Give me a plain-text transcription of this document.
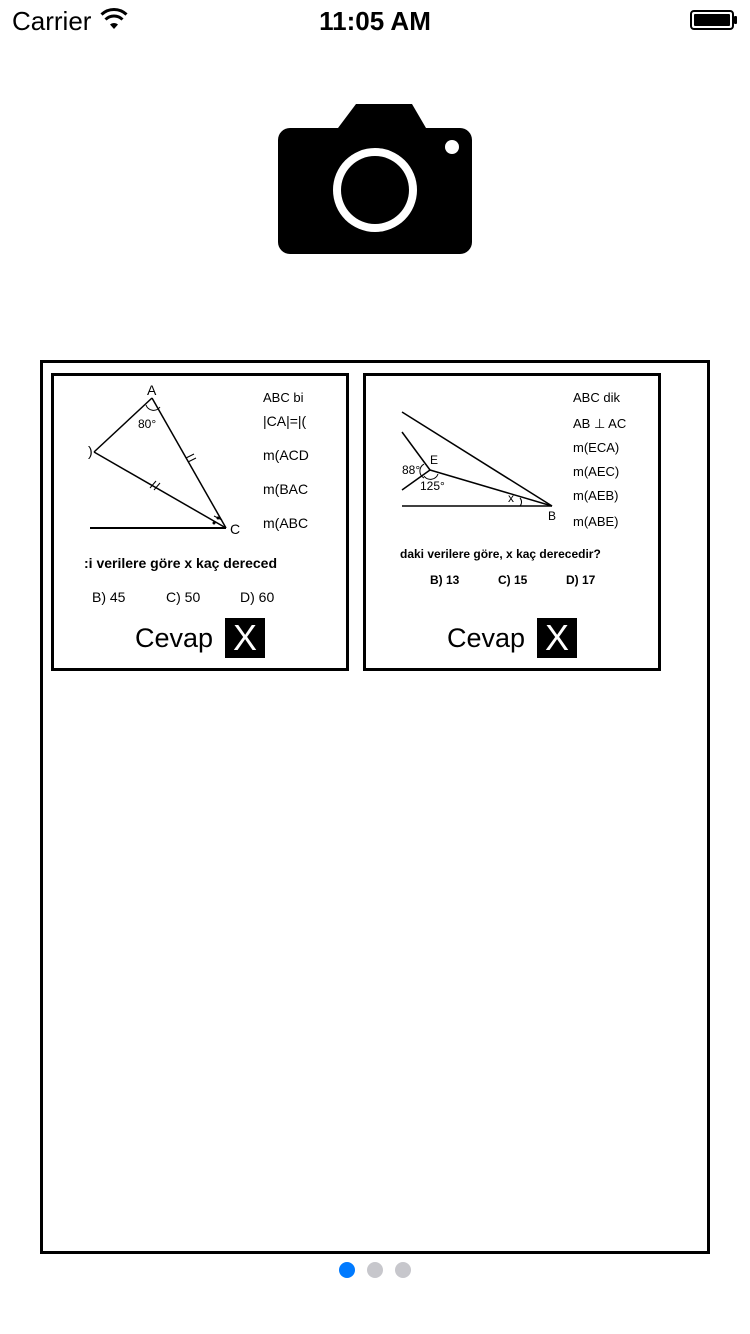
Carrier	11:05 AM
A
C
)
80°
ABC bi
|CA|=|(
m(ACD
m(BAC
m(ABC
:i verilere göre x kaç dereced
B) 45	C) 50	D) 60
Cevap X
E
B
88°
125°
x
ABC dik
AB ⊥ AC
m(ECA)
m(AEC)
m(AEB)
m(ABE)
daki verilere göre, x kaç derecedir?
B) 13	C) 15	D) 17
Cevap X
